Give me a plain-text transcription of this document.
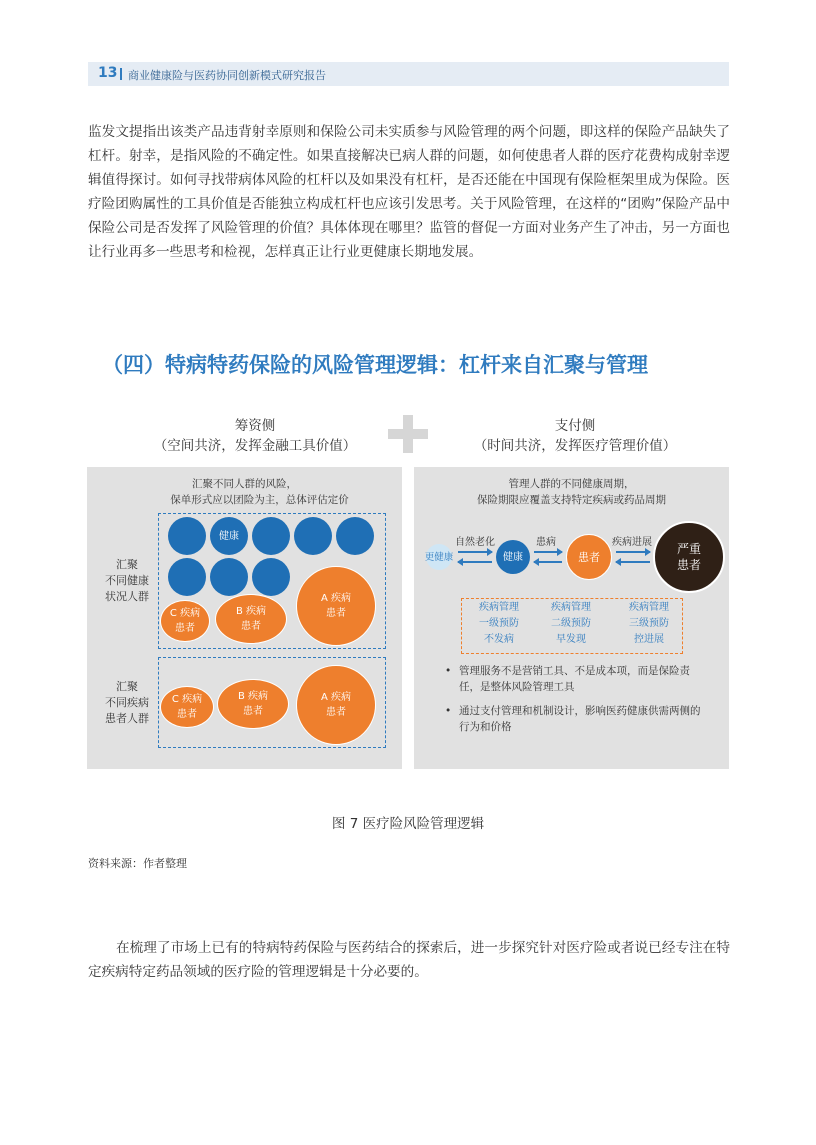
13 商业健康险与医药协同创新模式研究报告

监发文提指出该类产品违背射幸原则和保险公司未实质参与风险管理的两个问题，即这样的保险产品缺失了杠杆。射幸，是指风险的不确定性。如果直接解决已病人群的问题，如何使患者人群的医疗花费构成射幸逻辑值得探讨。如何寻找带病体风险的杠杆以及如果没有杠杆，是否还能在中国现有保险框架里成为保险。医疗险团购属性的工具价值是否能独立构成杠杆也应该引发思考。关于风险管理，在这样的“团购”保险产品中保险公司是否发挥了风险管理的价值？具体体现在哪里？监管的督促一方面对业务产生了冲击，另一方面也让行业再多一些思考和检视，怎样真正让行业更健康长期地发展。

（四）特病特药保险的风险管理逻辑：杠杆来自汇聚与管理
筹资侧
（空间共济，发挥金融工具价值）
支付侧
（时间共济，发挥医疗管理价值）
汇聚不同人群的风险，
保单形式应以团险为主，总体评估定价
汇聚
不同健康
状况人群
健康
C 疾病
患者
B 疾病
患者
A 疾病
患者
汇聚
不同疾病
患者人群
C 疾病
患者
B 疾病
患者
A 疾病
患者
管理人群的不同健康周期，
保险期限应覆盖支持特定疾病或药品周期
更健康	健康	患者
严重
患者
自然老化	患病	疾病进展
疾病管理
一级预防
不发病
疾病管理
二级预防
早发现
疾病管理
三级预防
控进展
• 管理服务不是营销工具、不是成本项，而是保险责任，是整体风险管理工具
• 通过支付管理和机制设计，影响医药健康供需两侧的行为和价格
图 7 医疗险风险管理逻辑
资料来源：作者整理

在梳理了市场上已有的特病特药保险与医药结合的探索后，进一步探究针对医疗险或者说已经专注在特定疾病特定药品领域的医疗险的管理逻辑是十分必要的。
